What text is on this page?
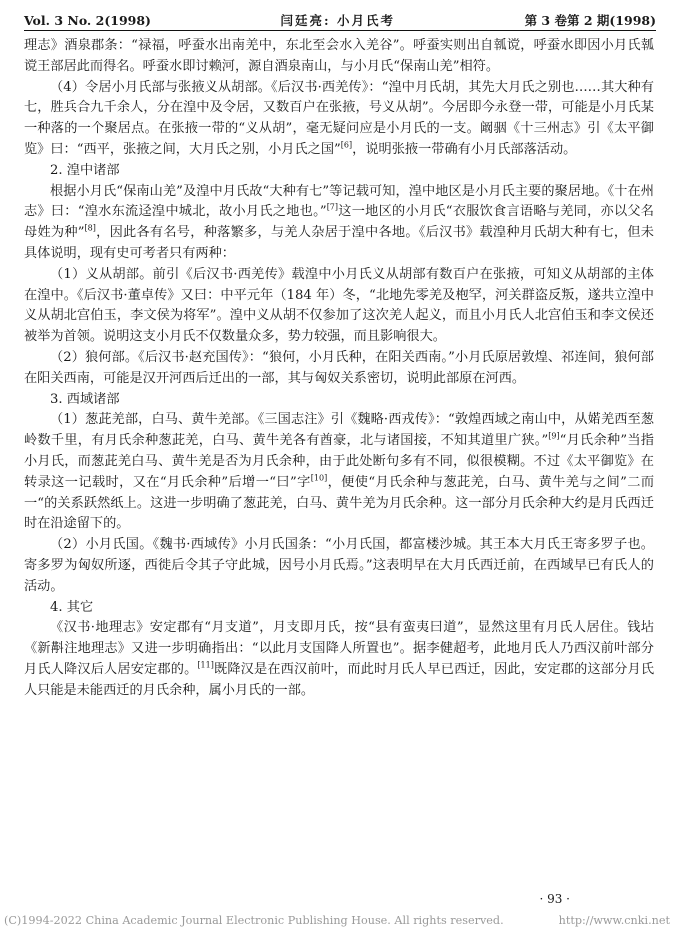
Vol. 3 No. 2(1998)	闫廷亮: 小月氏考	第 3 卷第 2 期(1998)

理志》酒泉郡条：“禄福，呼蚕水出南羌中，东北至会水入羌谷”。呼蚕实则出自瓡谠，呼蚕水即因小月氏瓡谠王部居此而得名。呼蚕水即讨赖河，源自酒泉南山，与小月氏“保南山羌”相符。

（4）令居小月氏部与张掖义从胡部。《后汉书·西羌传》：“湟中月氏胡，其先大月氏之别也……其大种有七，胜兵合九千余人，分在湟中及令居，又数百户在张掖，号义从胡”。今居即今永登一带，可能是小月氏某一种落的一个聚居点。在张掖一带的“义从胡”，毫无疑问应是小月氏的一支。阚骃《十三州志》引《太平御览》曰：“西平，张掖之间，大月氏之别，小月氏之国”[6]，说明张掖一带确有小月氏部落活动。

2. 湟中诸部

根据小月氏“保南山羌”及湟中月氏故“大种有七”等记载可知，湟中地区是小月氏主要的聚居地。《十在州志》曰：“湟水东流迳湟中城北，故小月氏之地也。”[7]这一地区的小月氏“衣服饮食言语略与羌同，亦以父名母姓为种”[8]，因此各有名号，种落繁多，与羌人杂居于湟中各地。《后汉书》载湟种月氏胡大种有七，但未具体说明，现有史可考者只有两种：

（1）义从胡部。前引《后汉书·西羌传》载湟中小月氏义从胡部有数百户在张掖，可知义从胡部的主体在湟中。《后汉书·董卓传》又曰：中平元年（184 年）冬，“北地先零羌及枹罕，河关群盗反叛，遂共立湟中义从胡北宫伯玉，李文侯为将军”。湟中义从胡不仅参加了这次羌人起义，而且小月氏人北宫伯玉和李文侯还被举为首领。说明这支小月氏不仅数量众多，势力较强，而且影响很大。

（2）狼何部。《后汉书·赵充国传》：“狼何，小月氏种，在阳关西南。”小月氏原居敦煌、祁连间，狼何部在阳关西南，可能是汉开河西后迁出的一部，其与匈奴关系密切，说明此部原在河西。

3. 西域诸部

（1）葱茈羌部，白马、黄牛羌部。《三国志注》引《魏略·西戎传》：“敦煌西域之南山中，从婼羌西至葱岭数千里，有月氏余种葱茈羌，白马、黄牛羌各有酋豪，北与诸国接，不知其道里广狭。”[9]“月氏余种”当指小月氏，而葱茈羌白马、黄牛羌是否为月氏余种，由于此处断句多有不同，似很模糊。不过《太平御览》在转录这一记载时，又在“月氏余种”后增一“曰”字[10]，便使“月氏余种与葱茈羌，白马、黄牛羌与之间”二而一“的关系跃然纸上。这进一步明确了葱茈羌，白马、黄牛羌为月氏余种。这一部分月氏余种大约是月氏西迁时在沿途留下的。

（2）小月氏国。《魏书·西域传》小月氏国条：“小月氏国，都富楼沙城。其王本大月氏王寄多罗子也。寄多罗为匈奴所逐，西徙后令其子守此城，因号小月氏焉。”这表明早在大月氏西迁前，在西域早已有氏人的活动。

4. 其它

《汉书·地理志》安定郡有“月支道”，月支即月氏，按“县有蛮夷曰道”，显然这里有月氏人居住。钱坫《新斠注地理志》又进一步明确指出：“以此月支国降人所置也”。据李健超考，此地月氏人乃西汉前叶部分月氏人降汉后人居安定郡的。[11]既降汉是在西汉前叶，而此时月氏人早已西迁，因此，安定郡的这部分月氏人只能是未能西迁的月氏余种，属小月氏的一部。

· 93 ·
(C)1994-2022 China Academic Journal Electronic Publishing House. All rights reserved.	http://www.cnki.net
